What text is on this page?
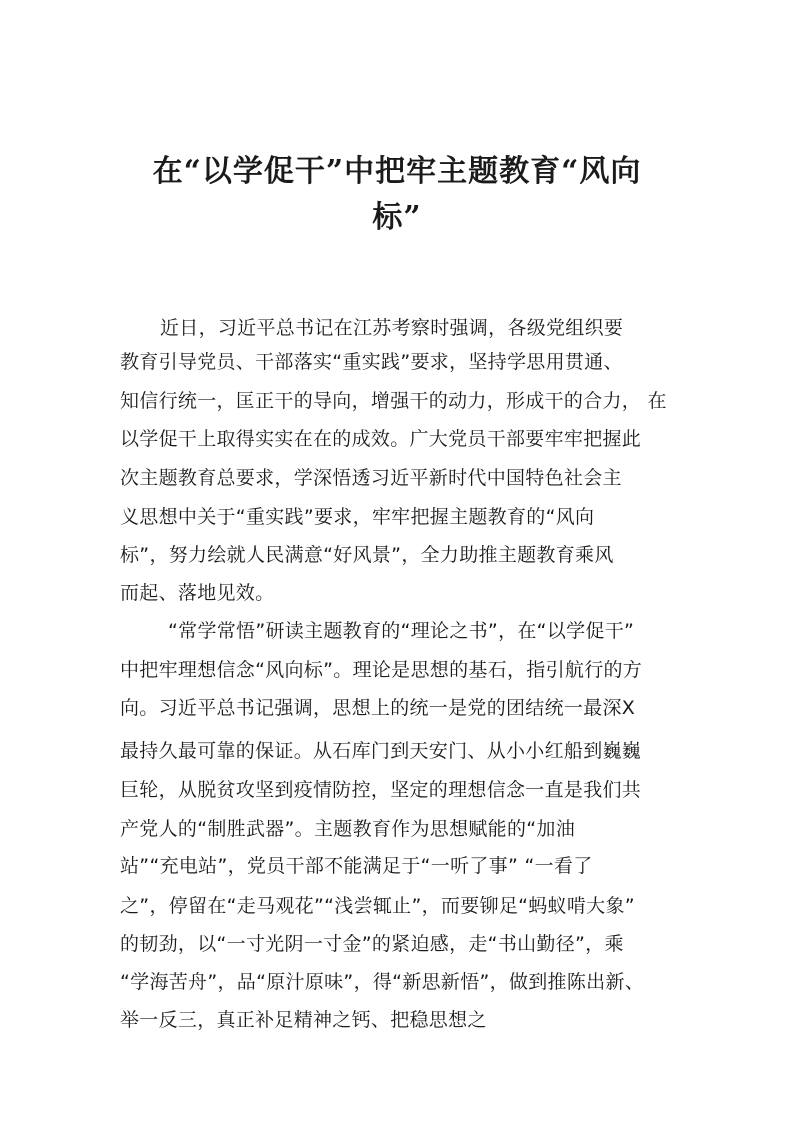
在“以学促干”中把牢主题教育“风向
标”
近日，习近平总书记在江苏考察时强调，各级党组织要
教育引导党员、干部落实“重实践”要求，坚持学思用贯通、
知信行统一，匡正干的导向，增强干的动力，形成干的合力， 在
以学促干上取得实实在在的成效。广大党员干部要牢牢把握此
次主题教育总要求，学深悟透习近平新时代中国特色社会主
义思想中关于“重实践”要求，牢牢把握主题教育的“风向
标”，努力绘就人民满意“好风景”，全力助推主题教育乘风
而起、落地见效。
“常学常悟”研读主题教育的“理论之书”，在“以学促干”
中把牢理想信念“风向标”。理论是思想的基石，指引航行的方
向。习近平总书记强调，思想上的统一是党的团结统一最深X
最持久最可靠的保证。从石库门到天安门、从小小红船到巍巍
巨轮，从脱贫攻坚到疫情防控，坚定的理想信念一直是我们共
产党人的“制胜武器”。主题教育作为思想赋能的“加油
站”“充电站”，党员干部不能满足于“一听了事” “一看了
之”，停留在“走马观花”“浅尝辄止”，而要铆足“蚂蚁啃大象”
的韧劲，以“一寸光阴一寸金”的紧迫感，走“书山勤径”，乘
“学海苦舟”，品“原汁原味”，得“新思新悟”，做到推陈出新、
举一反三，真正补足精神之钙、把稳思想之
